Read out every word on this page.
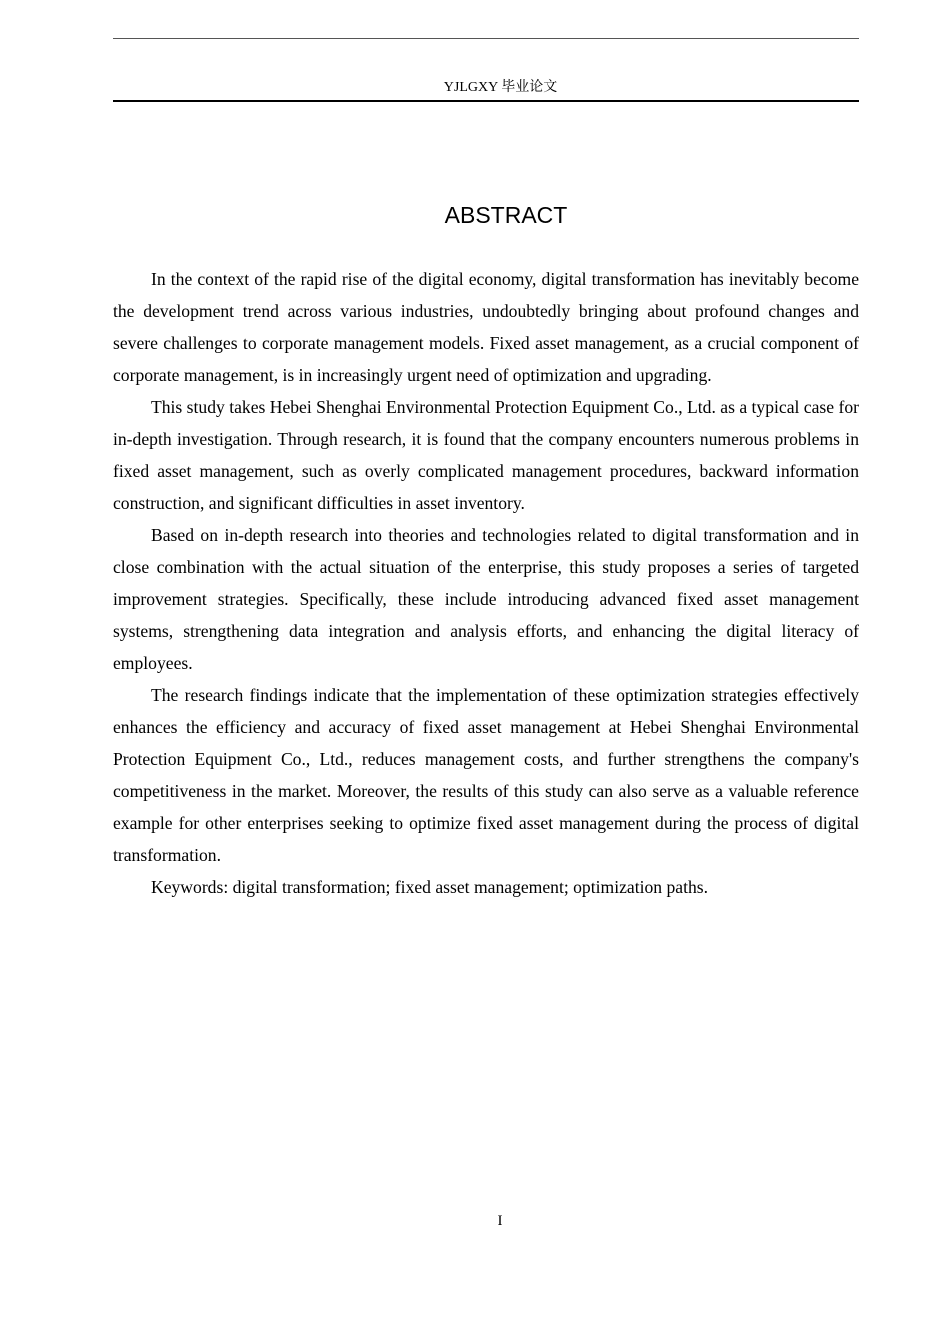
YJLGXY 毕业论文
ABSTRACT

In the context of the rapid rise of the digital economy, digital transformation has inevitably become the development trend across various industries, undoubtedly bringing about profound changes and severe challenges to corporate management models. Fixed asset management, as a crucial component of corporate management, is in increasingly urgent need of optimization and upgrading.

This study takes Hebei Shenghai Environmental Protection Equipment Co., Ltd. as a typical case for in-depth investigation. Through research, it is found that the company encounters numerous problems in fixed asset management, such as overly complicated management procedures, backward information construction, and significant difficulties in asset inventory.

Based on in-depth research into theories and technologies related to digital transformation and in close combination with the actual situation of the enterprise, this study proposes a series of targeted improvement strategies. Specifically, these include introducing advanced fixed asset management systems, strengthening data integration and analysis efforts, and enhancing the digital literacy of employees.

The research findings indicate that the implementation of these optimization strategies effectively enhances the efficiency and accuracy of fixed asset management at Hebei Shenghai Environmental Protection Equipment Co., Ltd., reduces management costs, and further strengthens the company's competitiveness in the market. Moreover, the results of this study can also serve as a valuable reference example for other enterprises seeking to optimize fixed asset management during the process of digital transformation.

Keywords: digital transformation; fixed asset management; optimization paths.

I
